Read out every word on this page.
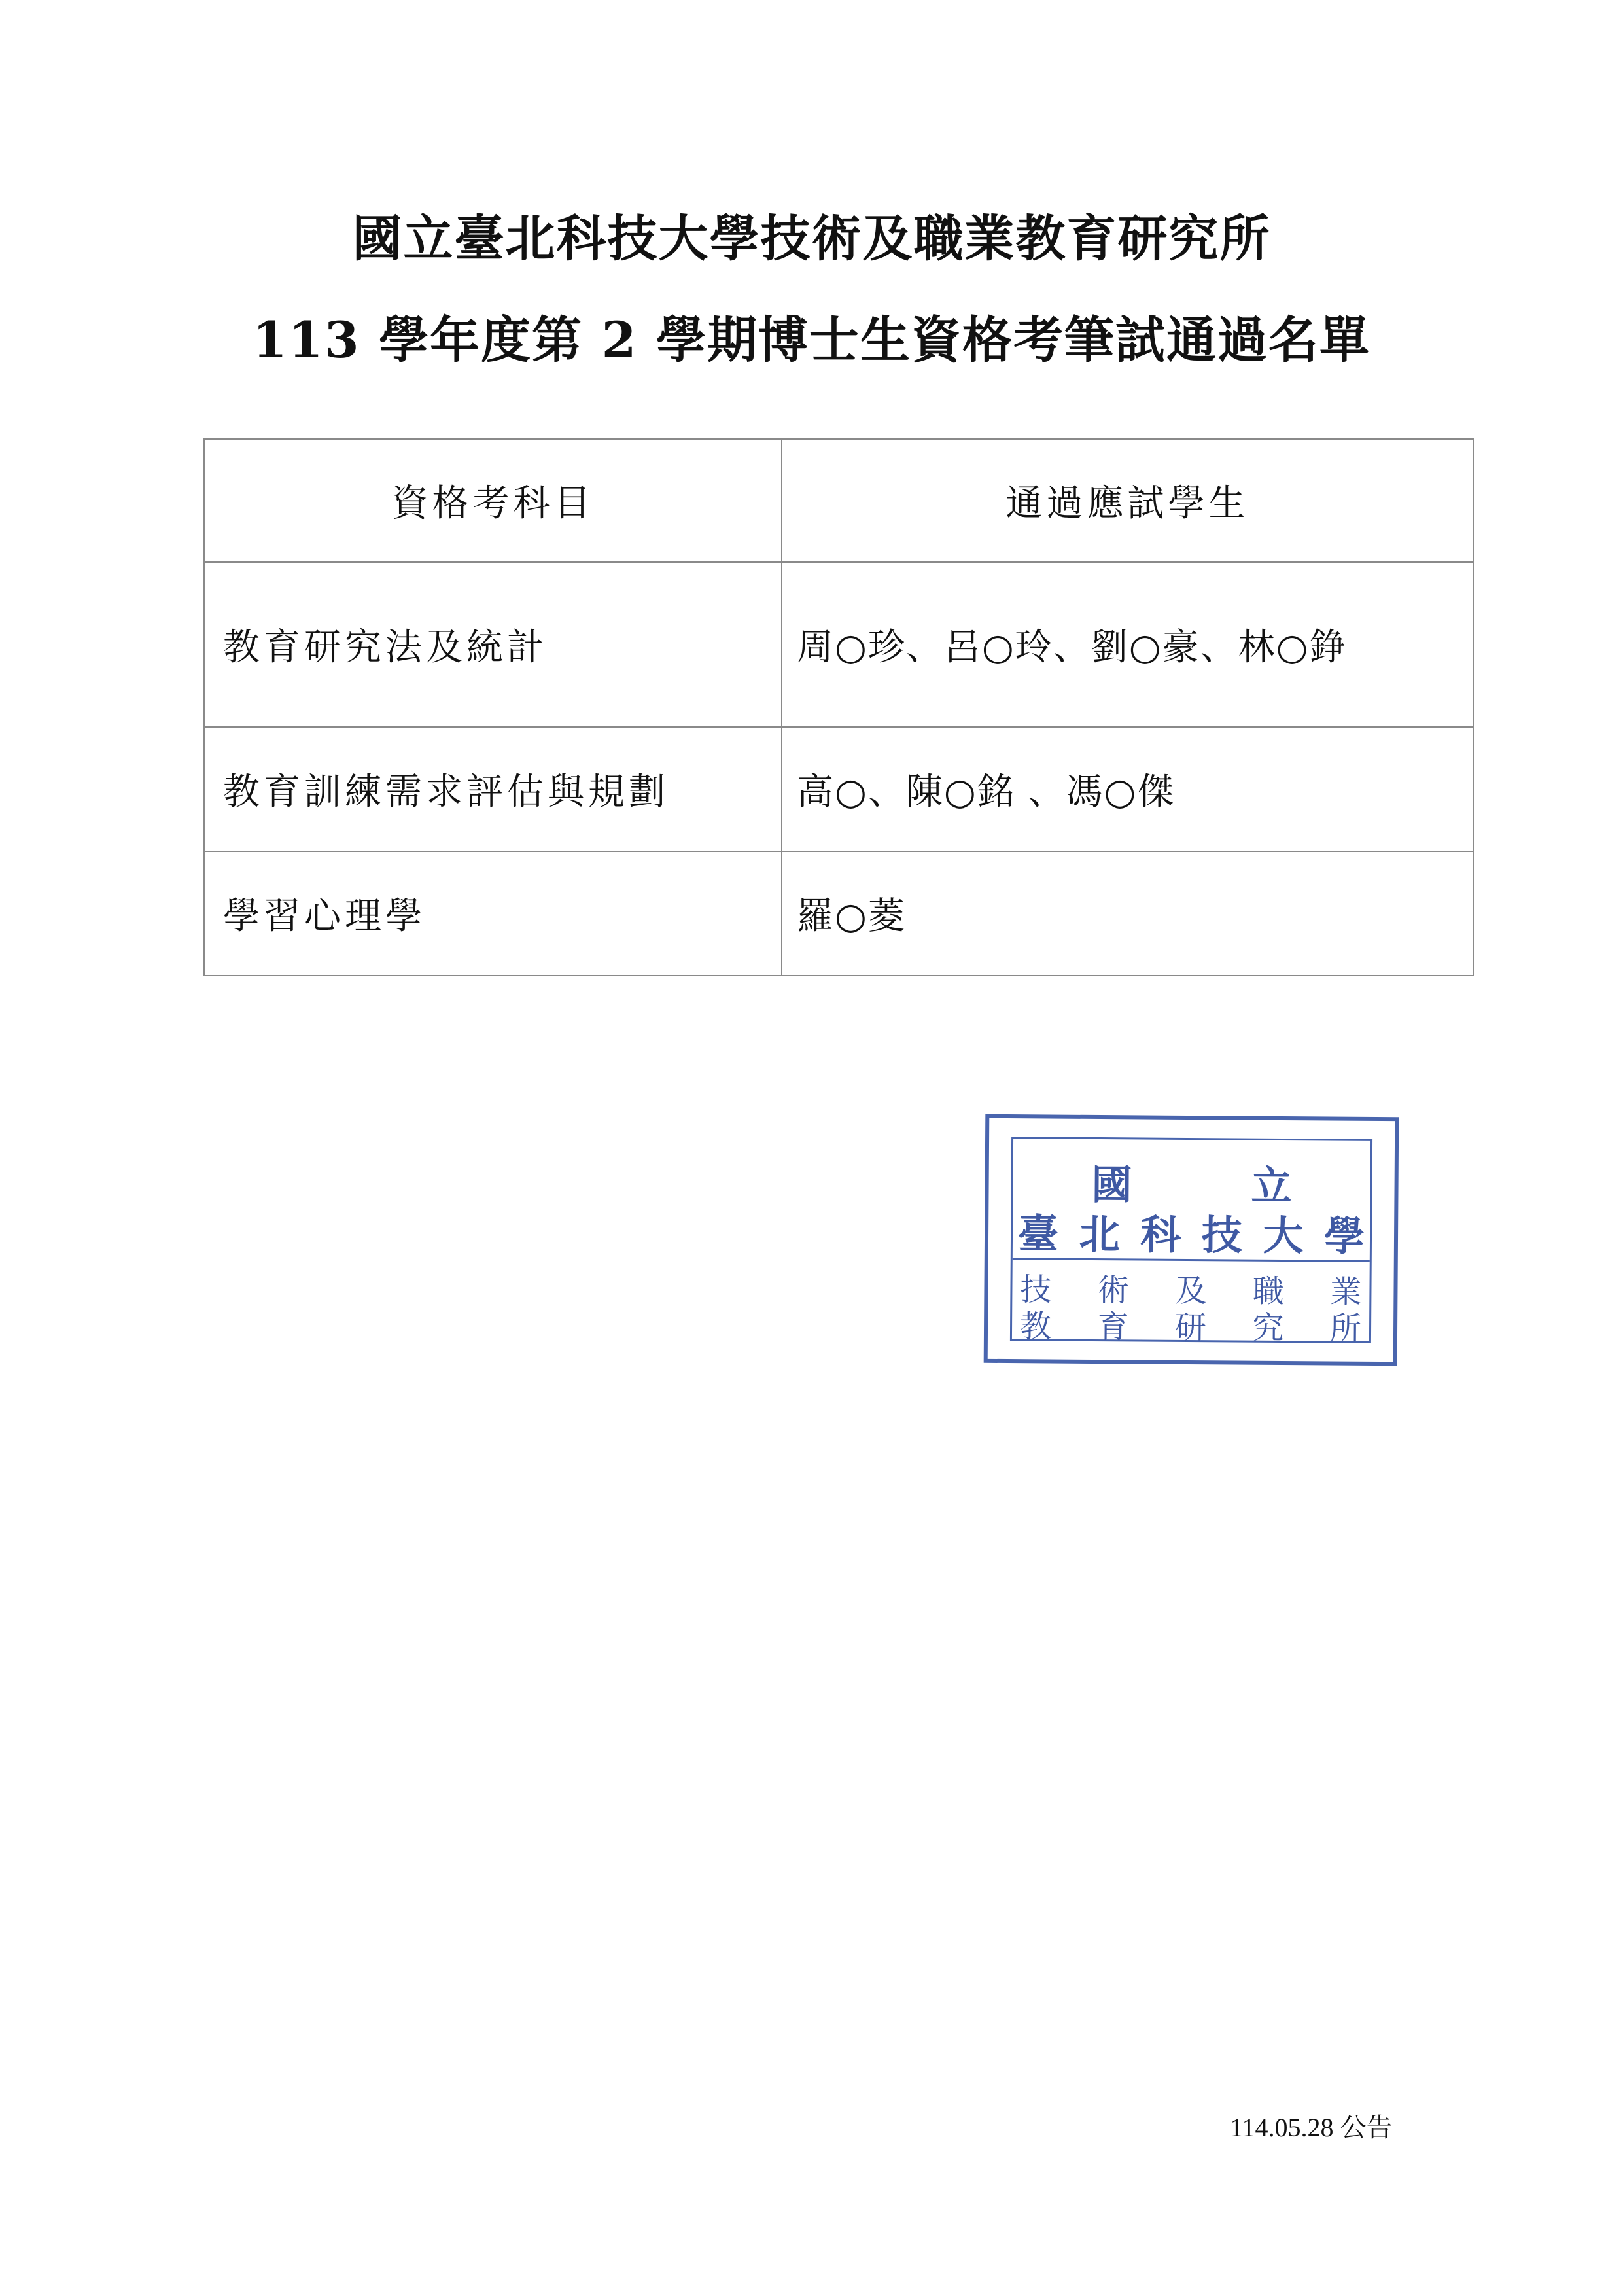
國立臺北科技大學技術及職業教育研究所
113 學年度第 2 學期博士生資格考筆試通過名單
資格考科目	通過應試學生
教育研究法及統計	周○珍、呂○玲、劉○豪、林○錚
教育訓練需求評估與規劃	高○、陳○銘 、馮○傑
學習心理學	羅○菱
國	立
臺 北 科 技 大 學
技 術 及 職 業
教 育 研 究 所
114.05.28 公告
